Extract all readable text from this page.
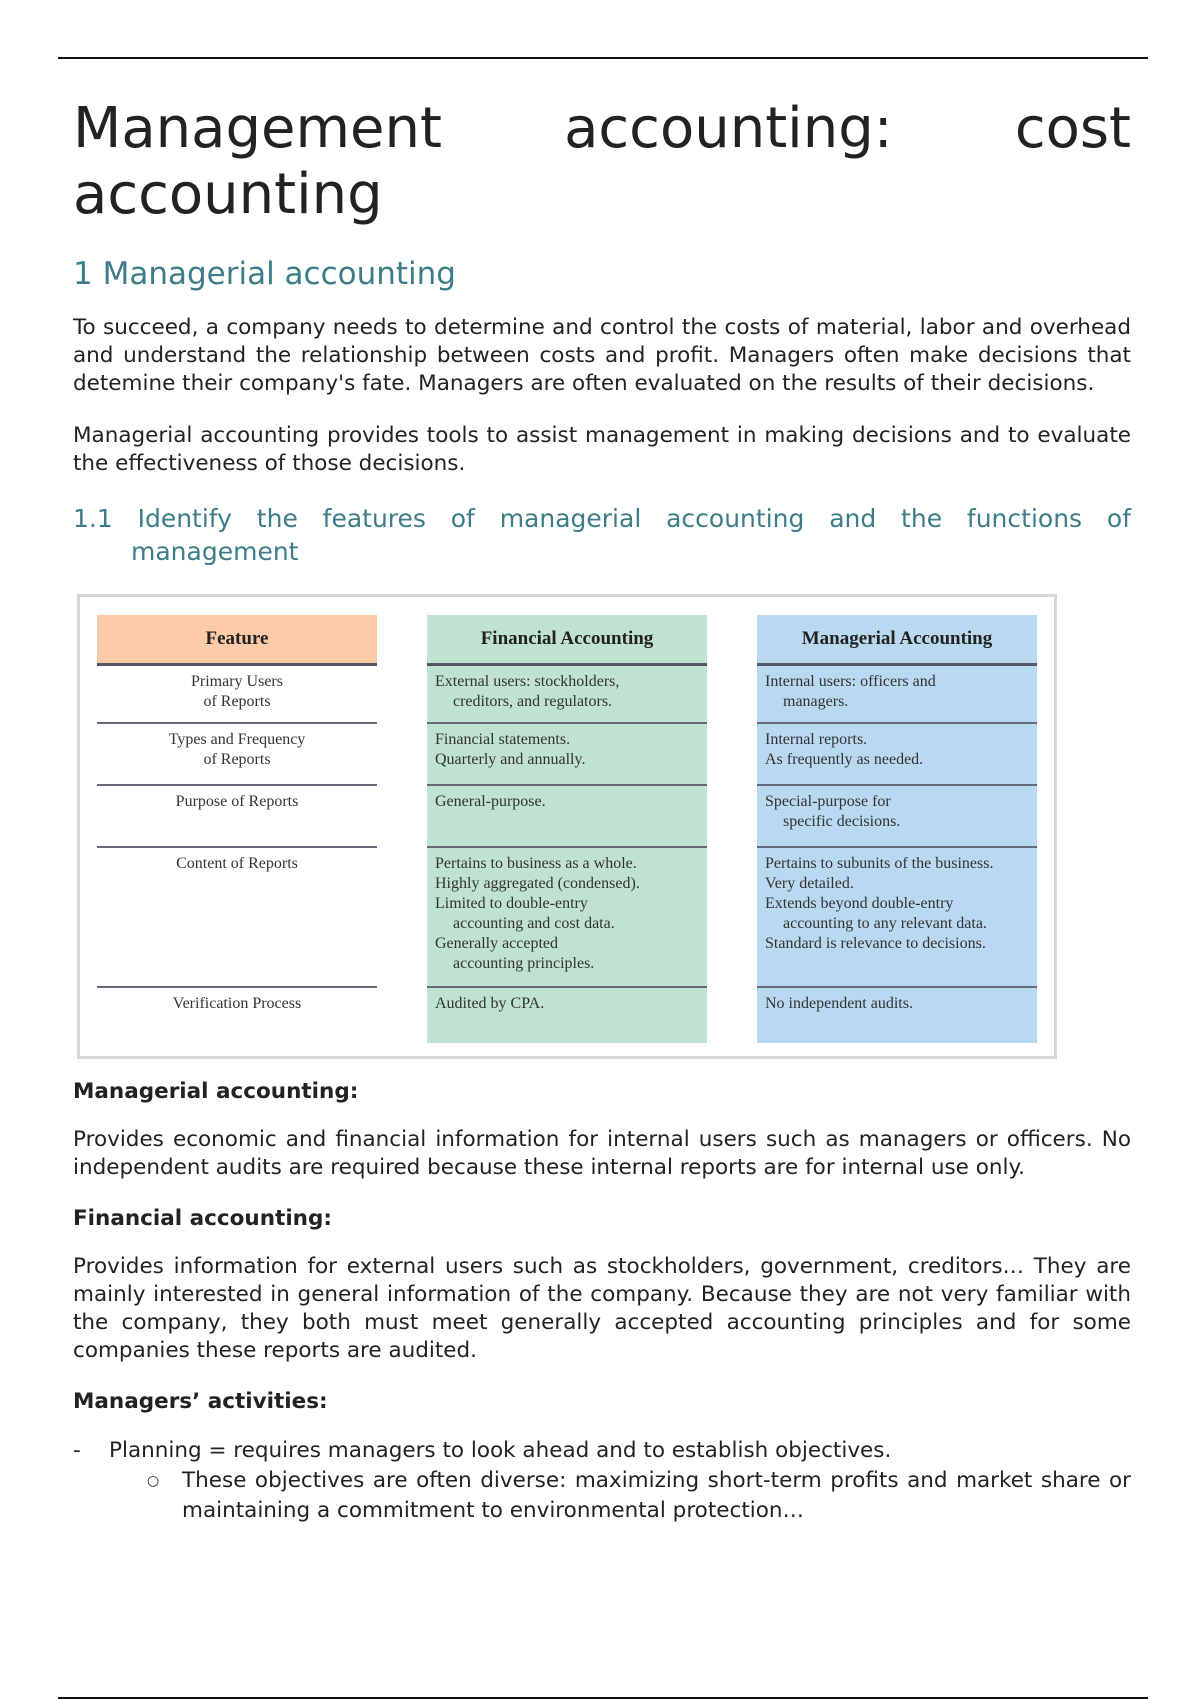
Management accounting: cost
accounting
1 Managerial accounting

To succeed, a company needs to determine and control the costs of material, labor and overhead and understand the relationship between costs and profit. Managers often make decisions that detemine their company's fate. Managers are often evaluated on the results of their decisions.

Managerial accounting provides tools to assist management in making decisions and to evaluate the effectiveness of those decisions.

1.1 Identify the features of managerial accounting and the functions of management
Feature
Primary Users
of Reports
Types and Frequency
of Reports
Purpose of Reports
Content of Reports
Verification Process
Financial Accounting
External users: stockholders,
creditors, and regulators.
Financial statements.
Quarterly and annually.
General-purpose.
Pertains to business as a whole.
Highly aggregated (condensed).
Limited to double-entry
accounting and cost data.
Generally accepted
accounting principles.
Audited by CPA.
Managerial Accounting
Internal users: officers and
managers.
Internal reports.
As frequently as needed.
Special-purpose for
specific decisions.
Pertains to subunits of the business.
Very detailed.
Extends beyond double-entry
accounting to any relevant data.
Standard is relevance to decisions.
No independent audits.
Managerial accounting:

Provides economic and financial information for internal users such as managers or officers. No independent audits are required because these internal reports are for internal use only.

Financial accounting:

Provides information for external users such as stockholders, government, creditors… They are mainly interested in general information of the company. Because they are not very familiar with the company, they both must meet generally accepted accounting principles and for some companies these reports are audited.

Managers’ activities:
- Planning = requires managers to look ahead and to establish objectives.
○ These objectives are often diverse: maximizing short-term profits and market share or maintaining a commitment to environmental protection…
